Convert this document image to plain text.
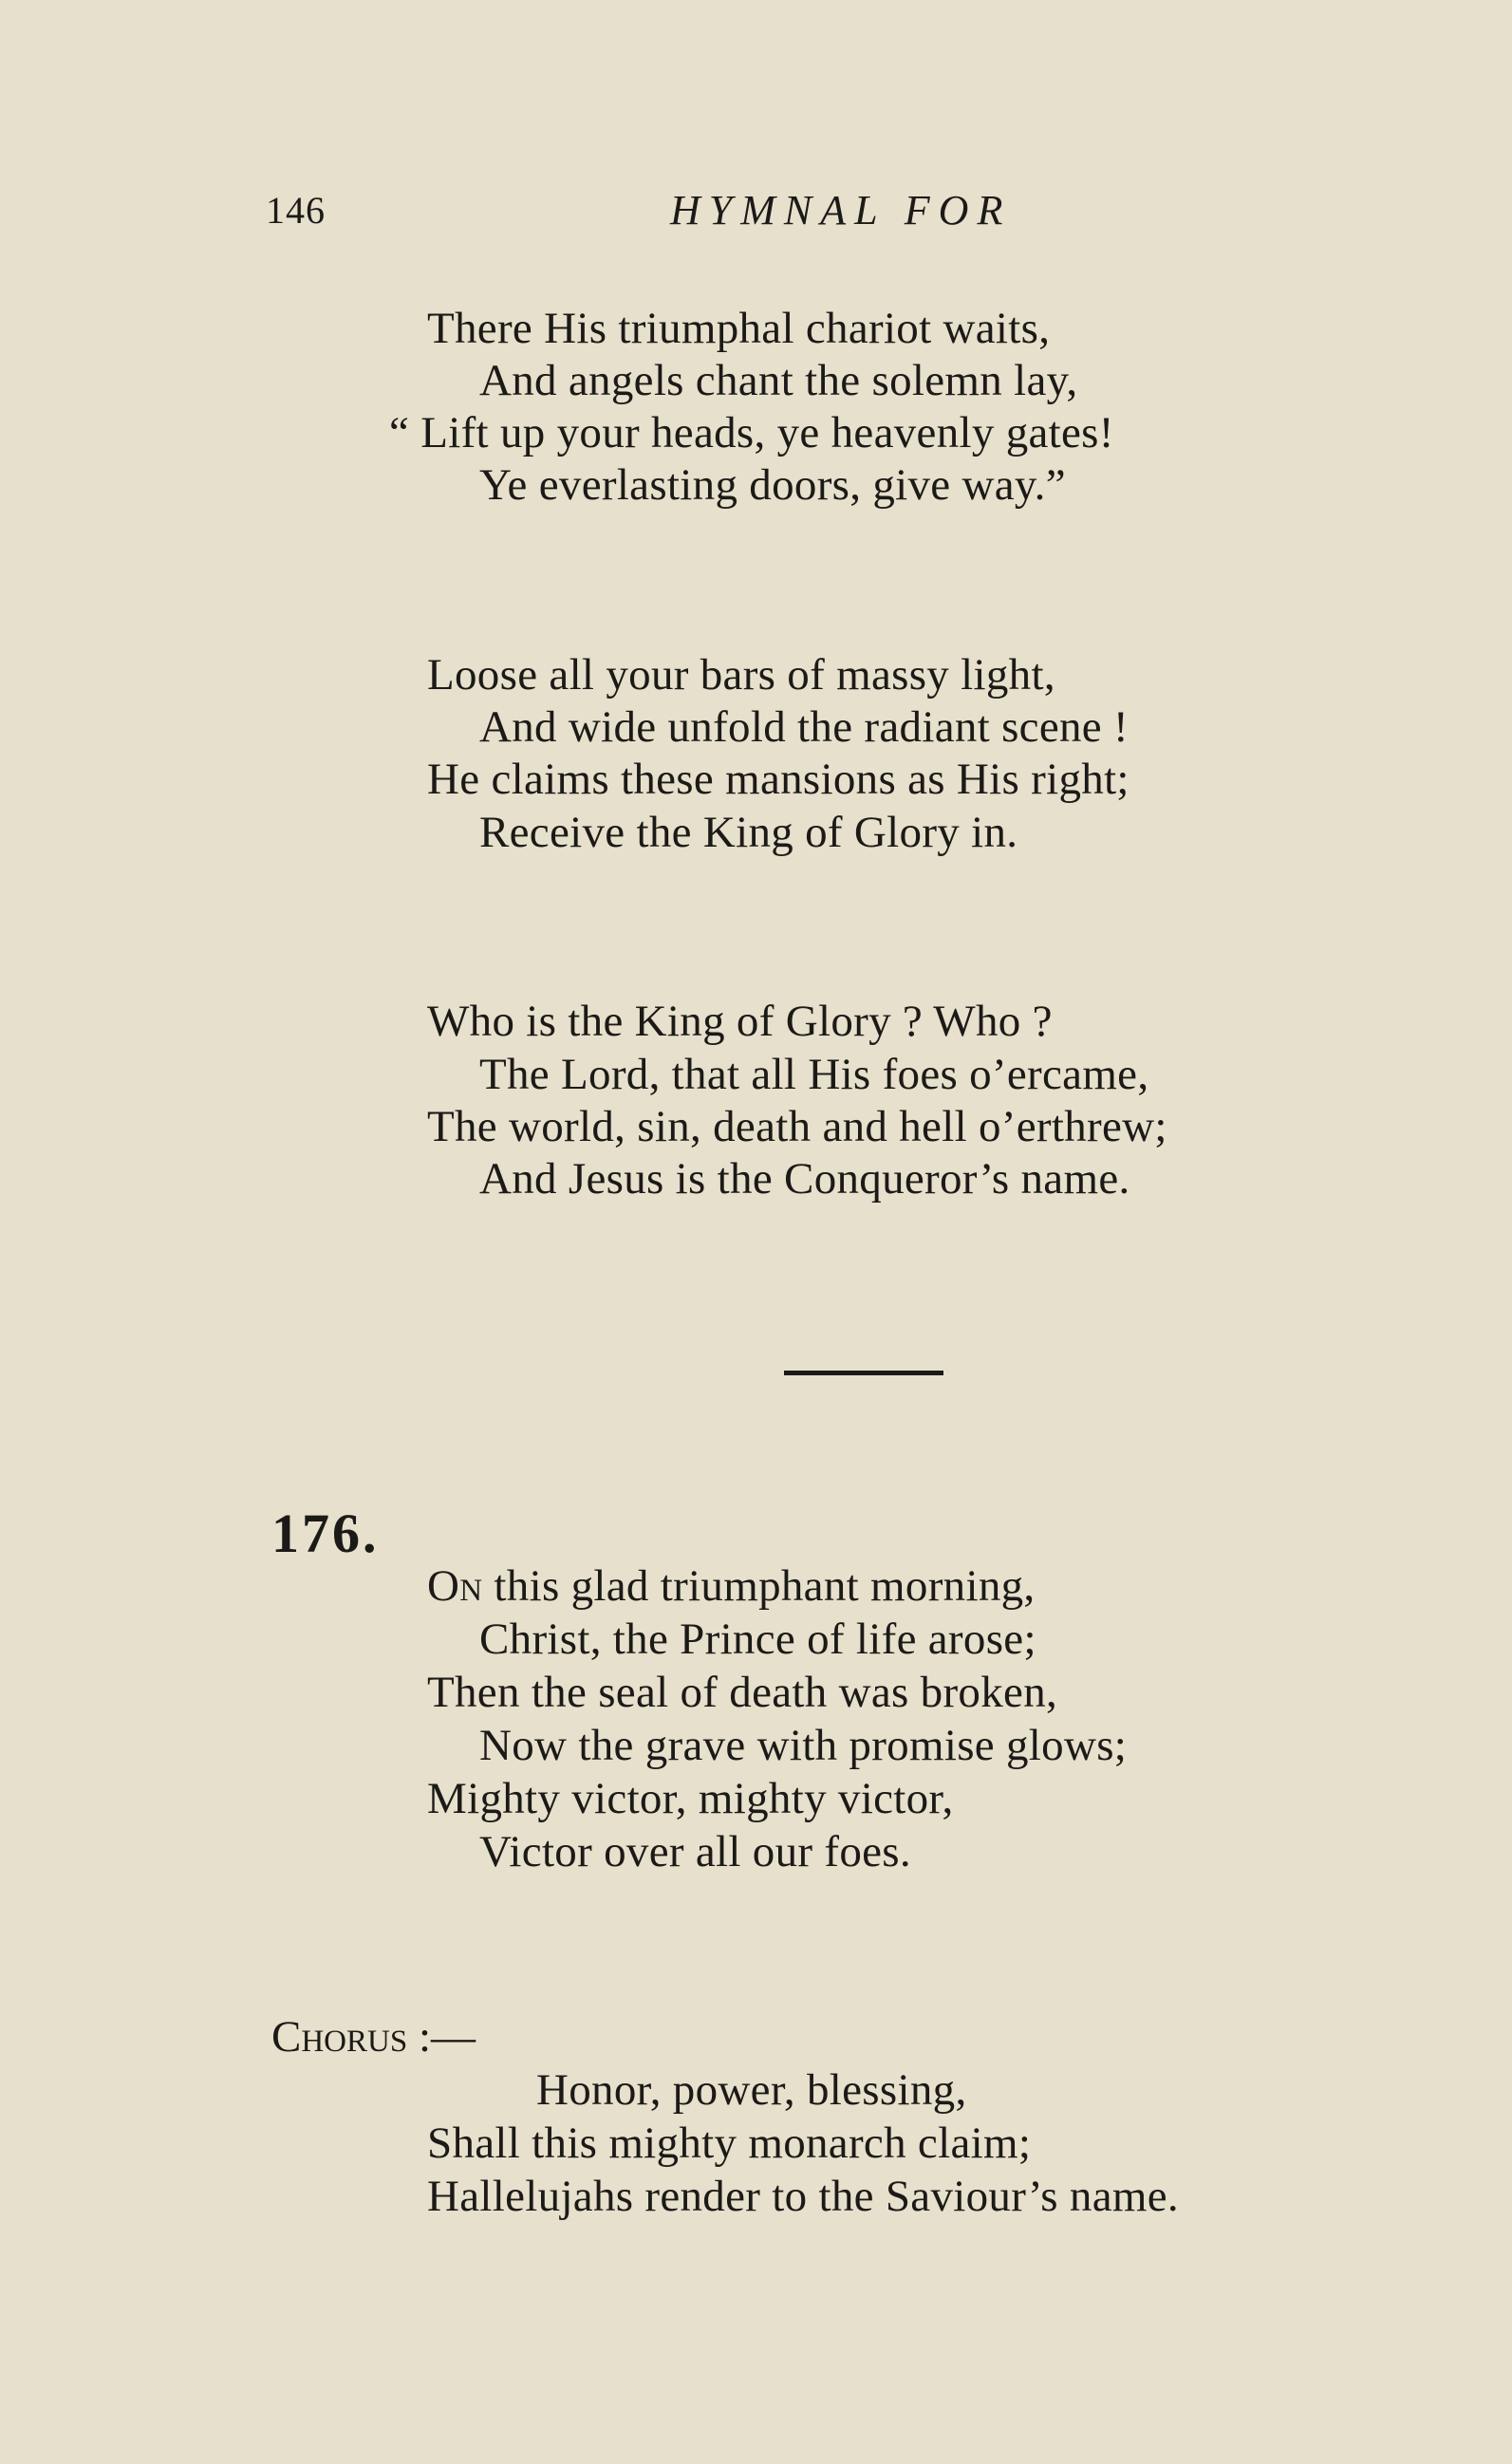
146	HYMNAL FOR
There His triumphal chariot waits,
And angels chant the solemn lay,
“ Lift up your heads, ye heavenly gates!
Ye everlasting doors, give way.”
Loose all your bars of massy light,
And wide unfold the radiant scene !
He claims these mansions as His right;
Receive the King of Glory in.
Who is the King of Glory ? Who ?
The Lord, that all His foes o’ercame,
The world, sin, death and hell o’erthrew;
And Jesus is the Conqueror’s name.
176.
On this glad triumphant morning,
Christ, the Prince of life arose;
Then the seal of death was broken,
Now the grave with promise glows;
Mighty victor, mighty victor,
Victor over all our foes.
Chorus :—
Honor, power, blessing,
Shall this mighty monarch claim;
Hallelujahs render to the Saviour’s name.
